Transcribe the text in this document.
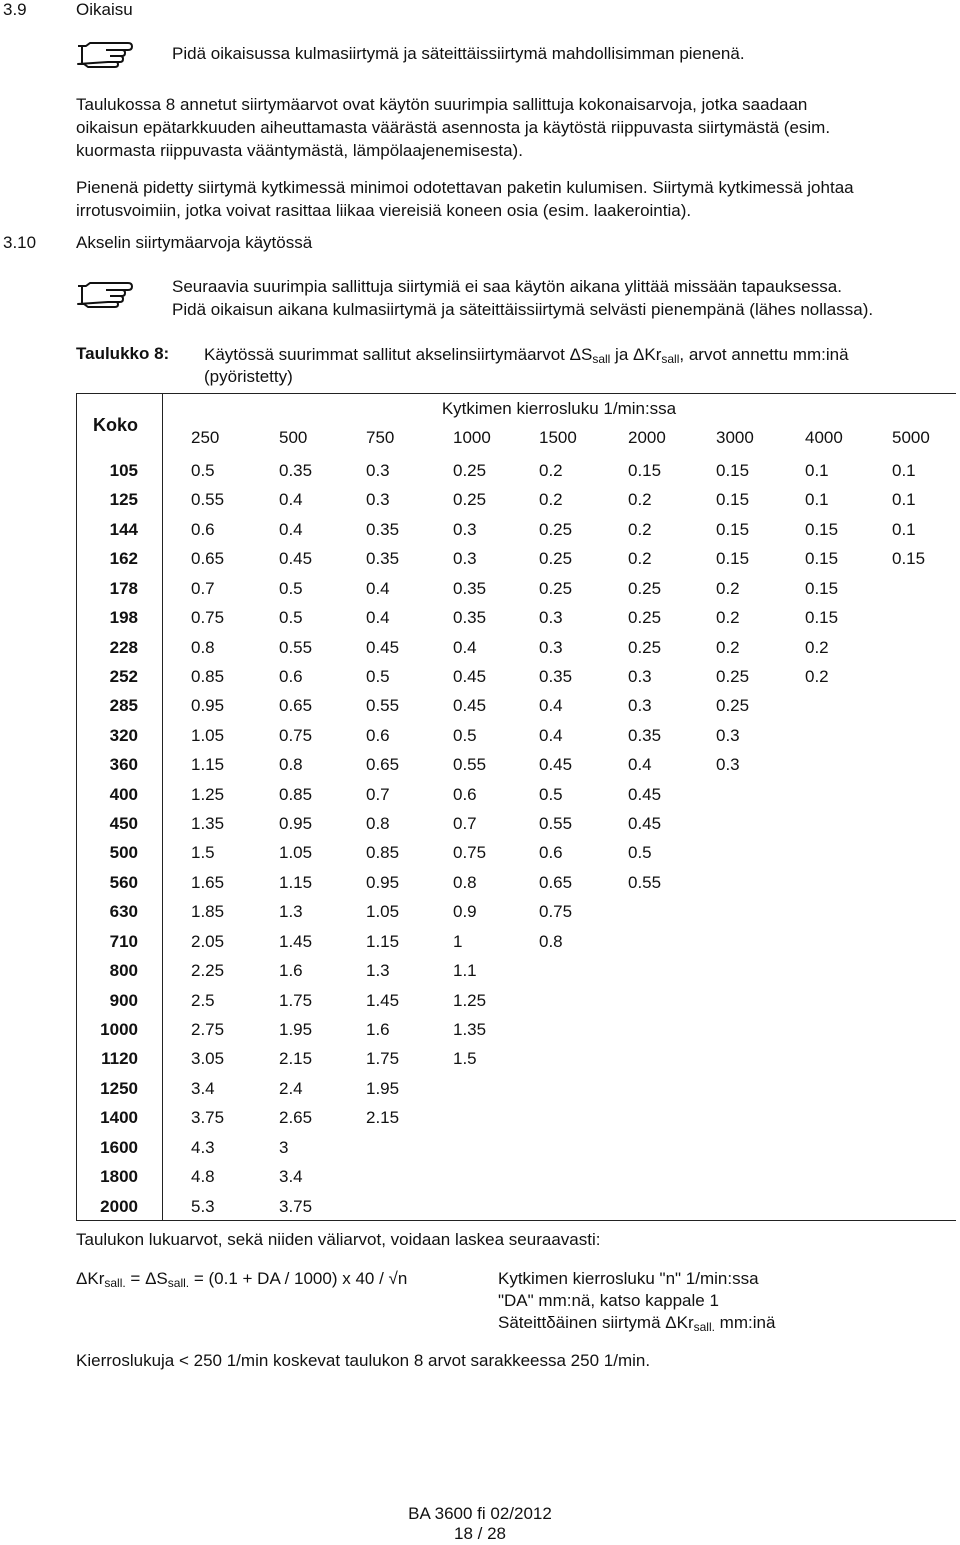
3.9	Oikaisu
Pidä oikaisussa kulmasiirtymä ja säteittäissiirtymä mahdollisimman pienenä.
Taulukossa 8 annetut siirtymäarvot ovat käytön suurimpia sallittuja kokonaisarvoja, jotka saadaan
oikaisun epätarkkuuden aiheuttamasta väärästä asennosta ja käytöstä riippuvasta siirtymästä (esim.
kuormasta riippuvasta vääntymästä, lämpölaajenemisesta).
Pienenä pidetty siirtymä kytkimessä minimoi odotettavan paketin kulumisen. Siirtymä kytkimessä johtaa
irrotusvoimiin, jotka voivat rasittaa liikaa viereisiä koneen osia (esim. laakerointia).
3.10 Akselin siirtymäarvoja käytössä
Seuraavia suurimpia sallittuja siirtymiä ei saa käytön aikana ylittää missään tapauksessa.
Pidä oikaisun aikana kulmasiirtymä ja säteittäissiirtymä selvästi pienempänä (lähes nollassa).
Taulukko 8: Käytössä suurimmat sallitut akselinsiirtymäarvot $\Delta S_{sall}$ ja ΔKr$_{sall}$, arvot annettu mm:inä
(pyöristetty)
Kytkimen kierrosluku 1/min:ssa
Koko
250	500	750	1000	1500	2000	3000	4000	5000
105	0.5	0.35	0.3	0.25	0.2	0.15	0.15	0.1	0.1
125	0.55	0.4	0.3	0.25	0.2	0.2	0.15	0.1	0.1
144	0.6	0.4	0.35	0.3	0.25	0.2	0.15	0.15	0.1
162	0.65	0.45	0.35	0.3	0.25	0.2	0.15	0.15	0.15
178	0.7	0.5	0.4	0.35	0.25	0.25	0.2	0.15
198	0.75	0.5	0.4	0.35	0.3	0.25	0.2	0.15
228	0.8	0.55	0.45	0.4	0.3	0.25	0.2	0.2
252	0.85	0.6	0.5	0.45	0.35	0.3	0.25	0.2
285	0.95	0.65	0.55	0.45	0.4	0.3	0.25
320	1.05	0.75	0.6	0.5	0.4	0.35	0.3
360	1.15	0.8	0.65	0.55	0.45	0.4	0.3
400	1.25	0.85	0.7	0.6	0.5	0.45
450	1.35	0.95	0.8	0.7	0.55	0.45
500	1.5	1.05	0.85	0.75	0.6	0.5
560	1.65	1.15	0.95	0.8	0.65	0.55
630	1.85	1.3	1.05	0.9	0.75
710	2.05	1.45	1.15	1	0.8
800	2.25	1.6	1.3	1.1
900	2.5	1.75	1.45	1.25
1000	2.75	1.95	1.6	1.35
1120	3.05	2.15	1.75	1.5
1250	3.4	2.4	1.95
1400	3.75	2.65	2.15
1600	4.3	3
1800	4.8	3.4
2000	5.3	3.75
Taulukon lukuarvot, sekä niiden väliarvot, voidaan laskea seuraavasti:
$\Delta Kr_{sall.} = \Delta S_{sall.} = (0.1$ + DA / 1000) x 40 / √n	Kytkimen kierrosluku "n" 1/min:ssa
"DA" mm:nä, katso kappale 1
Säteittδäinen siirtymä ΔKr$_{sall.}$ mm:inä
Kierroslukuja < 250 1/min koskevat taulukon 8 arvot sarakkeessa 250 1/min.
BA 3600 fi 02/2012
18 / 28
